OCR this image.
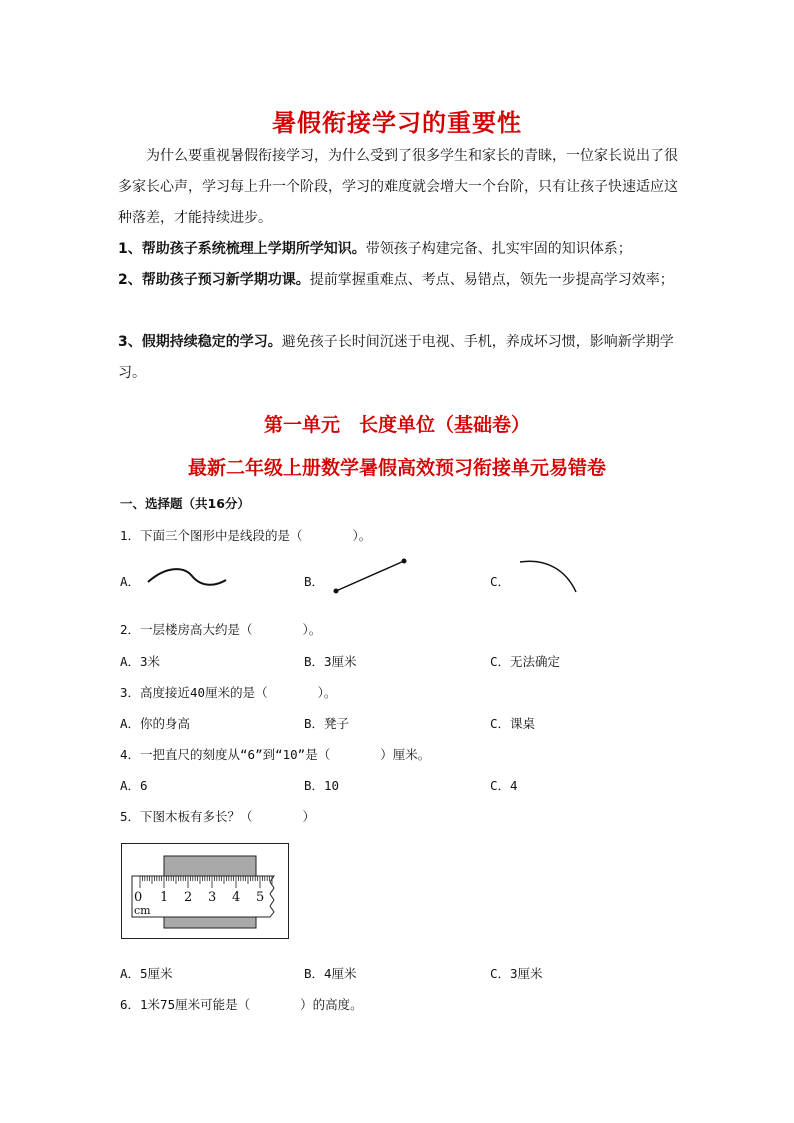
暑假衔接学习的重要性
为什么要重视暑假衔接学习，为什么受到了很多学生和家长的青睐，一位家长说出了很多家长心声，学习每上升一个阶段，学习的难度就会增大一个台阶，只有让孩子快速适应这种落差，才能持续进步。
1、帮助孩子系统梳理上学期所学知识。带领孩子构建完备、扎实牢固的知识体系；
2、帮助孩子预习新学期功课。提前掌握重难点、考点、易错点，领先一步提高学习效率；
3、假期持续稳定的学习。避免孩子长时间沉迷于电视、手机，养成坏习惯，影响新学期学习。
第一单元　长度单位（基础卷）
最新二年级上册数学暑假高效预习衔接单元易错卷
一、选择题（共16分）
1．下面三个图形中是线段的是（　　　　）。
A．	B．	C．
2．一层楼房高大约是（　　　　）。
A．3米	B．3厘米	C．无法确定
3．高度接近40厘米的是（　　　　）。
A．你的身高	B．凳子	C．课桌
4．一把直尺的刻度从“6”到“10”是（　　　　）厘米。
A．6	B．10	C．4
5．下图木板有多长？（　　　　）
0 1 2 3 4 5
cm
A．5厘米	B．4厘米	C．3厘米
6．1米75厘米可能是（　　　　）的高度。
